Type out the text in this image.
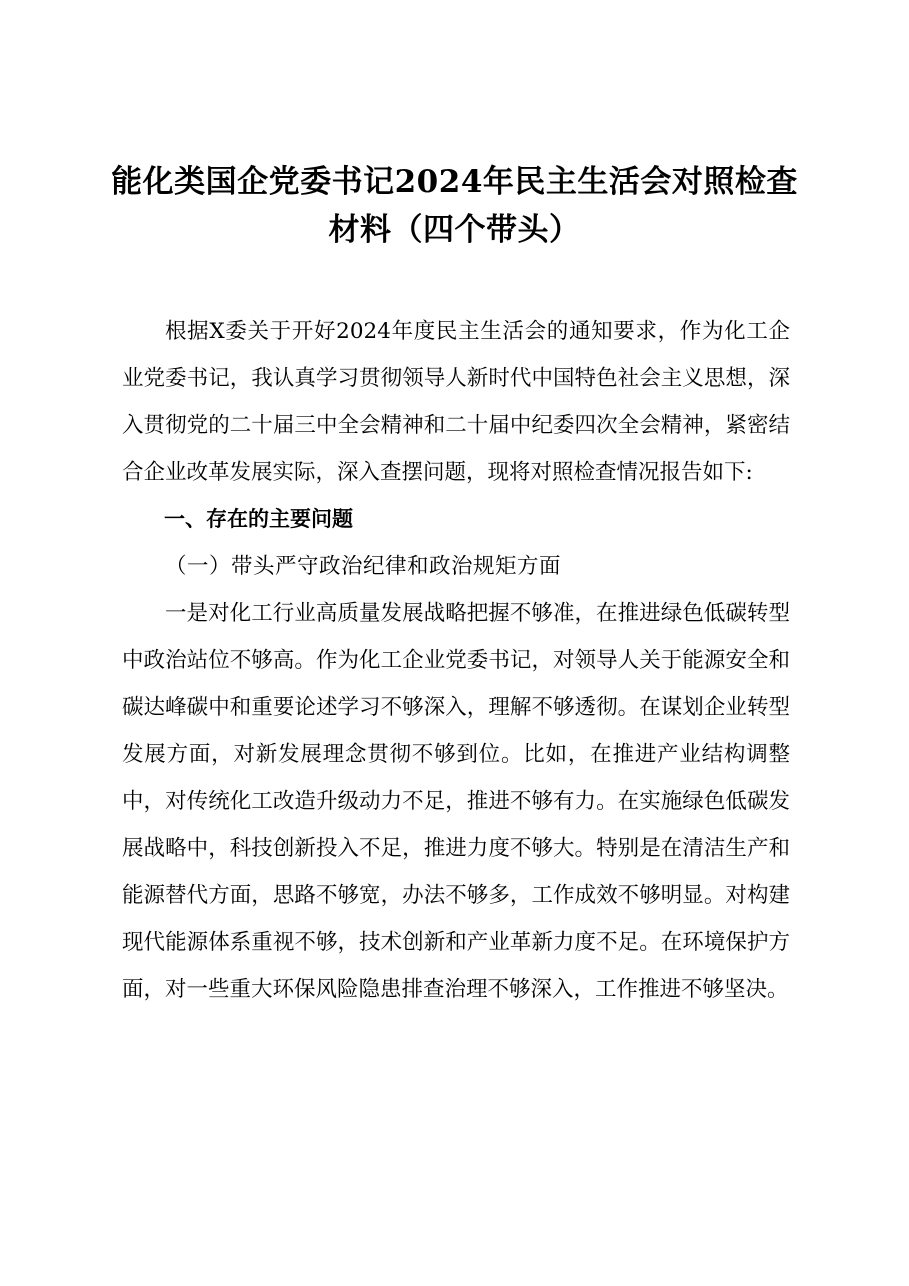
能化类国企党委书记2024年民主生活会对照检查材料（四个带头）

根据X委关于开好2024年度民主生活会的通知要求，作为化工企业党委书记，我认真学习贯彻领导人新时代中国特色社会主义思想，深入贯彻党的二十届三中全会精神和二十届中纪委四次全会精神，紧密结合企业改革发展实际，深入查摆问题，现将对照检查情况报告如下:

一、存在的主要问题

（一）带头严守政治纪律和政治规矩方面

一是对化工行业高质量发展战略把握不够准，在推进绿色低碳转型中政治站位不够高。作为化工企业党委书记，对领导人关于能源安全和碳达峰碳中和重要论述学习不够深入，理解不够透彻。在谋划企业转型发展方面，对新发展理念贯彻不够到位。比如，在推进产业结构调整中，对传统化工改造升级动力不足，推进不够有力。在实施绿色低碳发展战略中，科技创新投入不足，推进力度不够大。特别是在清洁生产和能源替代方面，思路不够宽，办法不够多，工作成效不够明显。对构建现代能源体系重视不够，技术创新和产业革新力度不足。在环境保护方面，对一些重大环保风险隐患排查治理不够深入，工作推进不够坚决。
